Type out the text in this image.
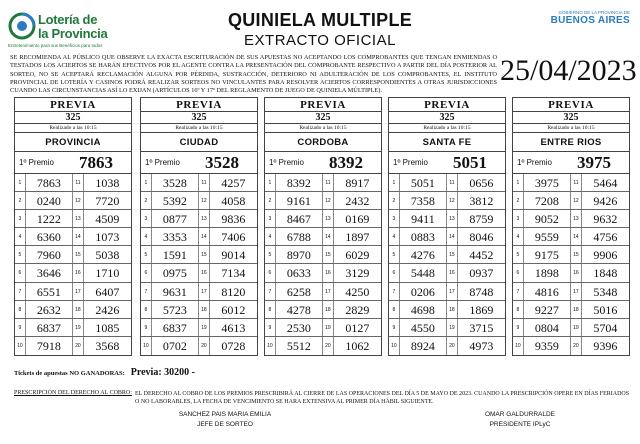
Lotería de
la Provincia
Entretenimiento para sus Beneficios para todos
QUINIELA MULTIPLE
EXTRACTO OFICIAL
GOBIERNO DE LA PROVINCIA DE
BUENOS AIRES
SE RECOMIENDA AL PÚBLICO QUE OBSERVE LA EXACTA ESCRITURACIÓN DE SUS APUESTAS NO ACEPTANDO LOS COMPROBANTES QUE TENGAN ENMIENDAS O TESTADOS LOS ACIERTOS SE HARÁN EFECTIVOS POR EL AGENTE CONTRA LA PRESENTACIÓN DEL COMPROBANTE RESPECTIVO A PARTIR DEL DÍA POSTERIOR AL SORTEO, NO SE ACEPTARÁ RECLAMACIÓN ALGUNA POR PÉRDIDA, SUSTRACCIÓN, DETERIORO NI ADULTERACIÓN DE LOS COMPROBANTES, EL INSTITUTO PROVINCIAL DE LOTERÍA Y CASINOS PODRÁ REALIZAR SORTEOS NO VINCULANTES PARA RESOLVER ACIERTOS CORRESPONDIENTES A OTRAS JURISDICCIONES CUANDO LAS CIRCUNSTANCIAS ASÍ LO EXIJAN (ARTÍCULOS 16º Y 17º DEL REGLAMENTO DE JUEGO DE QUINIELA MÚLTIPLE).
25/04/2023
PREVIA
325
Realizado a las 10:15
PROVINCIA
1º Premio 7863
1	7863	11	1038
2	0240	12	7720
3	1222	13	4509
4	6360	14	1073
5	7960	15	5038
6	3646	16	1710
7	6551	17	6407
8	2632	18	2426
9	6837	19	1085
10	7918	20	3568
PREVIA
325
Realizado a las 10:15
CIUDAD
1º Premio 3528
1	3528	11	4257
2	5392	12	4058
3	0877	13	9836
4	3353	14	7406
5	1591	15	9014
6	0975	16	7134
7	9631	17	8120
8	5723	18	6012
9	6837	19	4613
10	0702	20	0728
PREVIA
325
Realizado a las 10:15
CORDOBA
1º Premio 8392
1	8392	11	8917
2	9161	12	2432
3	8467	13	0169
4	6788	14	1897
5	8970	15	6029
6	0633	16	3129
7	6258	17	4250
8	4278	18	2829
9	2530	19	0127
10	5512	20	1062
PREVIA
325
Realizado a las 10:15
SANTA FE
1º Premio 5051
1	5051	11	0656
2	7358	12	3812
3	9411	13	8759
4	0883	14	8046
5	4276	15	4452
6	5448	16	0937
7	0206	17	8748
8	4698	18	1869
9	4550	19	3715
10	8924	20	4973
PREVIA
325
Realizado a las 10:15
ENTRE RIOS
1º Premio 3975
1	3975	11	5464
2	7208	12	9426
3	9052	13	9632
4	9559	14	4756
5	9175	15	9906
6	1898	16	1848
7	4816	17	5348
8	9227	18	5016
9	0804	19	5704
10	9359	20	9396
Tickets de apuestas NO GANADORAS: Previa: 30200 -
PRESCRIPCIÓN DEL DERECHO AL COBRO: EL DERECHO AL COBRO DE LOS PREMIOS PRESCRIBIRÁ AL CIERRE DE LAS OPERACIONES DEL DÍA 5 DE MAYO DE 2023. CUANDO LA PRESCRIPCIÓN OPERE EN DÍAS FERIADOS O NO LABORABLES, LA FECHA DE VENCIMIENTO SE HARA EXTENSIVA AL PRIMER DÍA HÁBIL SIGUIENTE.
SANCHEZ PAIS MARIA EMILIA
JEFE DE SORTEO
OMAR GALDURRALDE
PRESIDENTE IPLyC
